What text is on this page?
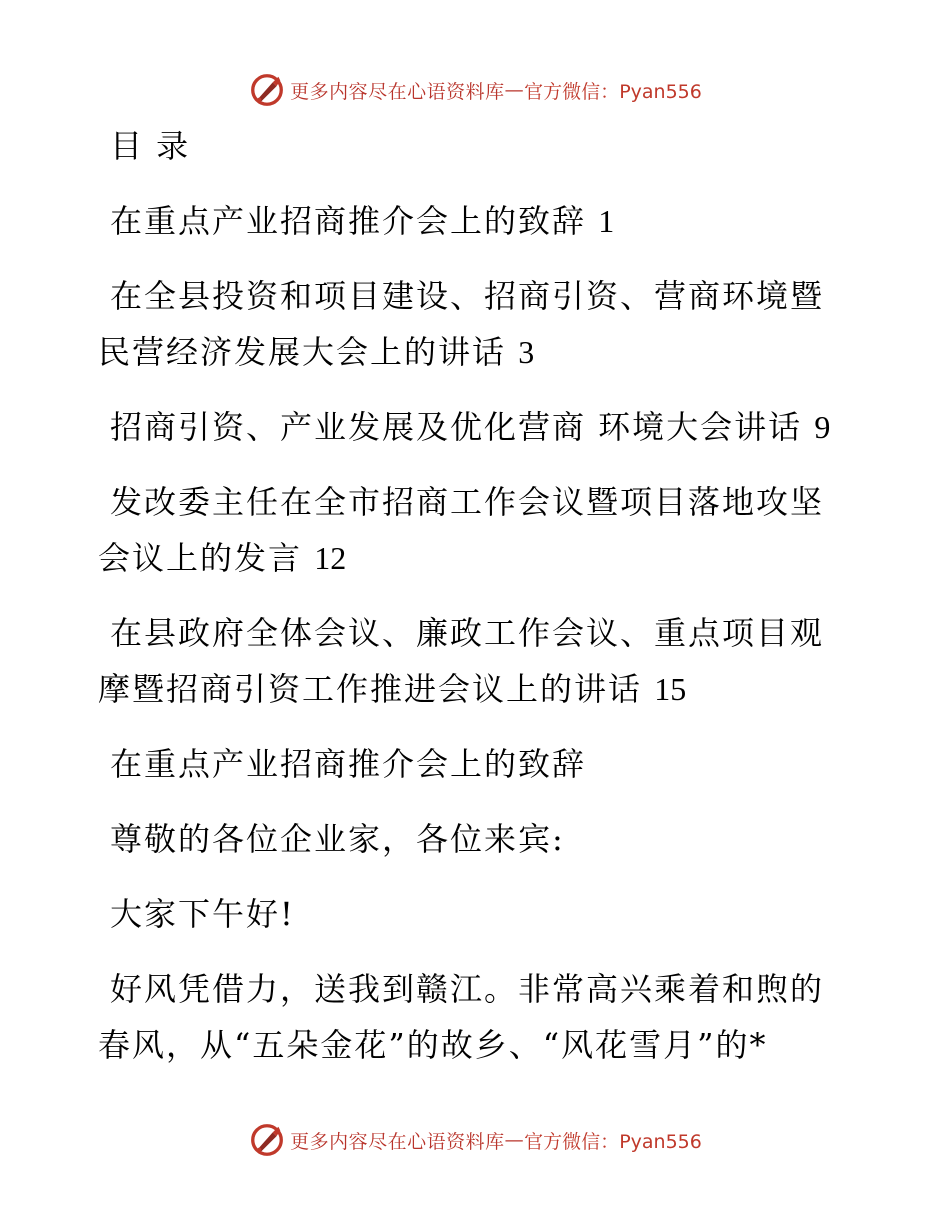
更多内容尽在心语资料库 — 官方微信：Pyan556
目 录
在重点产业招商推介会上的致辞 1
在全县投资和项目建设、招商引资、营商环境暨
民营经济发展大会上的讲话 3
招商引资、产业发展及优化营商 环境大会讲话 9
发改委主任在全市招商工作会议暨项目落地攻坚
会议上的发言 12
在县政府全体会议、廉政工作会议、重点项目观
摩暨招商引资工作推进会议上的讲话 15
在重点产业招商推介会上的致辞
尊敬的各位企业家，各位来宾:
大家下午好!
好风凭借力，送我到赣江。非常高兴乘着和煦的
春风，从“五朵金花”的故乡、“风花雪月”的*
更多内容尽在心语资料库 — 官方微信：Pyan556
